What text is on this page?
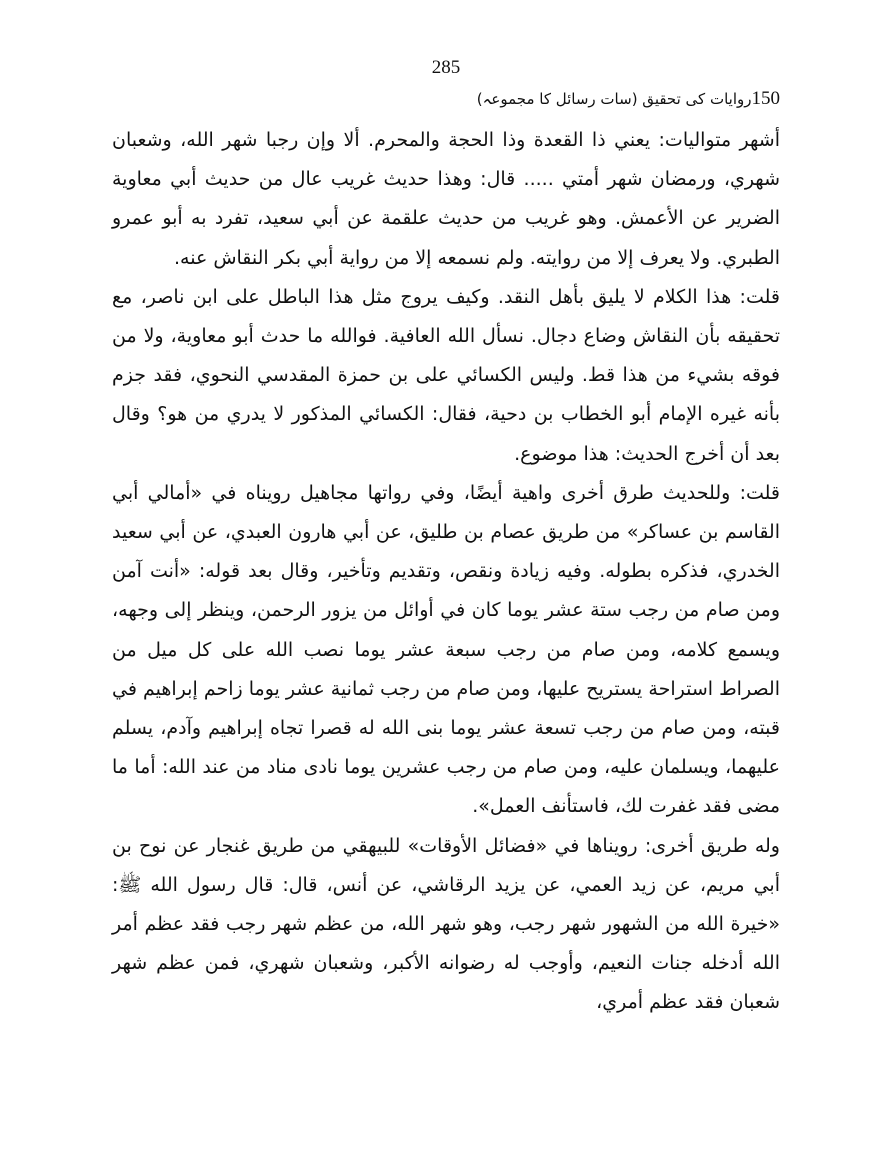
285
150روایات کی تحقیق (سات رسائل کا مجموعہ)

أشهر متواليات: يعني ذا القعدة وذا الحجة والمحرم. ألا وإن رجبا شهر الله، وشعبان شهري، ورمضان شهر أمتي ..... قال: وهذا حديث غريب عال من حديث أبي معاوية الضرير عن الأعمش. وهو غريب من حديث علقمة عن أبي سعيد، تفرد به أبو عمرو الطبري. ولا يعرف إلا من روايته. ولم نسمعه إلا من رواية أبي بكر النقاش عنه.

قلت: هذا الكلام لا يليق بأهل النقد. وكيف يروج مثل هذا الباطل على ابن ناصر، مع تحقيقه بأن النقاش وضاع دجال. نسأل الله العافية. فوالله ما حدث أبو معاوية، ولا من فوقه بشيء من هذا قط. وليس الكسائي على بن حمزة المقدسي النحوي، فقد جزم بأنه غيره الإمام أبو الخطاب بن دحية، فقال: الكسائي المذكور لا يدري من هو؟ وقال بعد أن أخرج الحديث: هذا موضوع.

قلت: وللحديث طرق أخرى واهية أيضًا، وفي رواتها مجاهيل رويناه في «أمالي أبي القاسم بن عساكر» من طريق عصام بن طليق، عن أبي هارون العبدي، عن أبي سعيد الخدري، فذكره بطوله. وفيه زيادة ونقص، وتقديم وتأخير، وقال بعد قوله: «أنت آمن ومن صام من رجب ستة عشر يوما كان في أوائل من يزور الرحمن، وينظر إلى وجهه، ويسمع كلامه، ومن صام من رجب سبعة عشر يوما نصب الله على كل ميل من الصراط استراحة يستريح عليها، ومن صام من رجب ثمانية عشر يوما زاحم إبراهيم في قبته، ومن صام من رجب تسعة عشر يوما بنى الله له قصرا تجاه إبراهيم وآدم، يسلم عليهما، ويسلمان عليه، ومن صام من رجب عشرين يوما نادى مناد من عند الله: أما ما مضى فقد غفرت لك، فاستأنف العمل».

وله طريق أخرى: رويناها في «فضائل الأوقات» للبيهقي من طريق غنجار عن نوح بن أبي مريم، عن زيد العمي، عن يزيد الرقاشي، عن أنس، قال: قال رسول الله ﷺ: «خيرة الله من الشهور شهر رجب، وهو شهر الله، من عظم شهر رجب فقد عظم أمر الله أدخله جنات النعيم، وأوجب له رضوانه الأكبر، وشعبان شهري، فمن عظم شهر شعبان فقد عظم أمري،
